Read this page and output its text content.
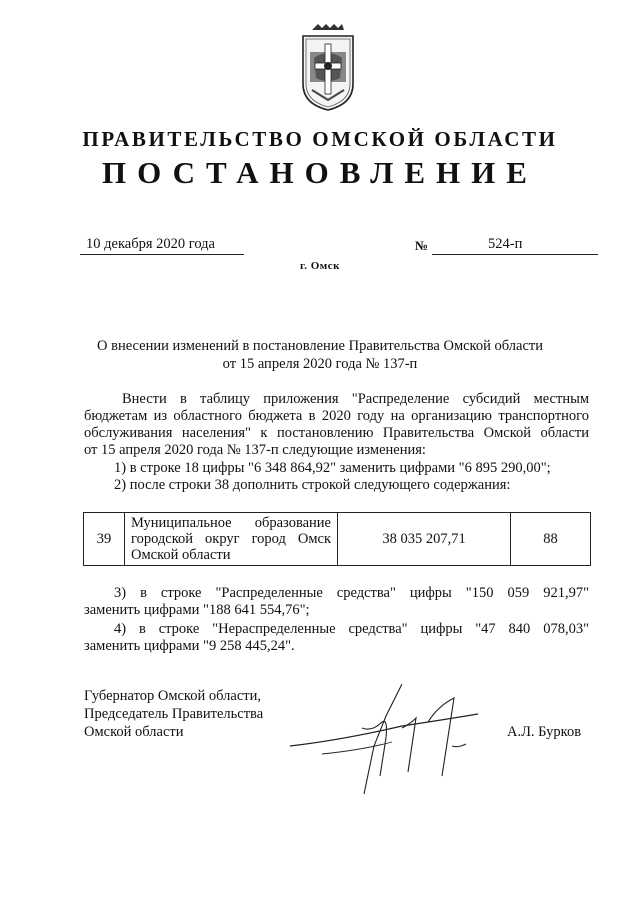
ПРАВИТЕЛЬСТВО ОМСКОЙ ОБЛАСТИ
ПОСТАНОВЛЕНИЕ
10 декабря 2020 года	№	524-п
г. Омск
О внесении изменений в постановление Правительства Омской области
от 15 апреля 2020 года № 137-п
Внести в таблицу приложения "Распределение субсидий местным
бюджетам из областного бюджета в 2020 году на организацию транспортного
обслуживания населения" к постановлению Правительства Омской области
от 15 апреля 2020 года № 137-п следующие изменения:
1) в строке 18 цифры "6 348 864,92" заменить цифрами "6 895 290,00";
2) после строки 38 дополнить строкой следующего содержания:
39	Муниципальное образование городской округ город Омск Омской области	38 035 207,71	88
3) в строке "Распределенные средства" цифры "150 059 921,97"
заменить цифрами "188 641 554,76";
4) в строке "Нераспределенные средства" цифры "47 840 078,03"
заменить цифрами "9 258 445,24".
Губернатор Омской области,
Председатель Правительства
Омской области	А.Л. Бурков
